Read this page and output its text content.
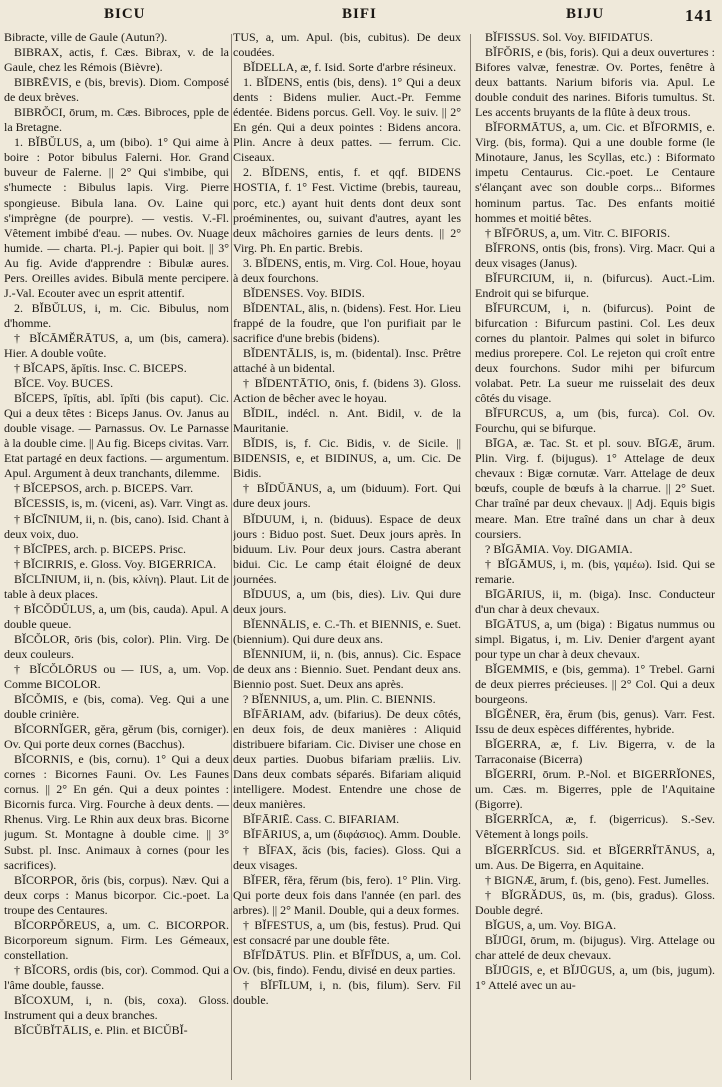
BICU	BIFI	BIJU	141

Bibracte, ville de Gaule (Autun?).

BIBRAX, actis, f. Cæs. Bibrax, v. de la Gaule, chez les Rémois (Bièvre).

BIBRĒVIS, e (bis, brevis). Diom. Composé de deux brèves.

BIBRŎCI, ōrum, m. Cæs. Bibroces, pple de la Bretagne.

1. BĬBŬLUS, a, um (bibo). 1° Qui aime à boire : Potor bibulus Falerni. Hor. Grand buveur de Falerne. || 2° Qui s'imbibe, qui s'humecte : Bibulus lapis. Virg. Pierre spongieuse. Bibula lana. Ov. Laine qui s'imprègne (de pourpre). — vestis. V.-Fl. Vêtement imbibé d'eau. — nubes. Ov. Nuage humide. — charta. Pl.-j. Papier qui boit. || 3° Au fig. Avide d'apprendre : Bibulæ aures. Pers. Oreilles avides. Bibulā mente percipere. J.-Val. Ecouter avec un esprit attentif.

2. BĬBŬLUS, i, m. Cic. Bibulus, nom d'homme.

† BĬCĀMĔRĀTUS, a, um (bis, camera). Hier. A double voûte.

† BĬCAPS, ăpĭtis. Insc. C. BICEPS.

BĬCE. Voy. BUCES.

BĬCEPS, ĭpĭtis, abl. ĭpĭti (bis caput). Cic. Qui a deux têtes : Biceps Janus. Ov. Janus au double visage. — Parnassus. Ov. Le Parnasse à la double cime. || Au fig. Biceps civitas. Varr. Etat partagé en deux factions. — argumentum. Apul. Argument à deux tranchants, dilemme.

† BĬCEPSOS, arch. p. BICEPS. Varr.

BĬCESSIS, is, m. (viceni, as). Varr. Vingt as.

† BĬCĪNIUM, ii, n. (bis, cano). Isid. Chant à deux voix, duo.

† BĬCĪPES, arch. p. BICEPS. Prisc.

† BĬCIRRIS, e. Gloss. Voy. BIGERRICA.

BĬCLĪNIUM, ii, n. (bis, κλίνη). Plaut. Lit de table à deux places.

† BĬCŎDŬLUS, a, um (bis, cauda). Apul. A double queue.

BĬCŎLOR, ōris (bis, color). Plin. Virg. De deux couleurs.

† BĬCŎLŌRUS ou — IUS, a, um. Vop. Comme BICOLOR.

BĬCŎMIS, e (bis, coma). Veg. Qui a une double crinière.

BĬCORNĬGER, gĕra, gĕrum (bis, corniger). Ov. Qui porte deux cornes (Bacchus).

BĬCORNIS, e (bis, cornu). 1° Qui a deux cornes : Bicornes Fauni. Ov. Les Faunes cornus. || 2° En gén. Qui a deux pointes : Bicornis furca. Virg. Fourche à deux dents. — Rhenus. Virg. Le Rhin aux deux bras. Bicorne jugum. St. Montagne à double cime. || 3° Subst. pl. Insc. Animaux à cornes (pour les sacrifices).

BĬCORPOR, ŏris (bis, corpus). Næv. Qui a deux corps : Manus bicorpor. Cic.-poet. La troupe des Centaures.

BĬCORPŎREUS, a, um. C. BICORPOR. Bicorporeum signum. Firm. Les Gémeaux, constellation.

† BĬCORS, ordis (bis, cor). Commod. Qui a l'âme double, fausse.

BĬCOXUM, i, n. (bis, coxa). Gloss. Instrument qui a deux branches.

BĬCŬBĬTĀLIS, e. Plin. et BICŬBĬ-

TUS, a, um. Apul. (bis, cubitus). De deux coudées.

BĬDELLA, æ, f. Isid. Sorte d'arbre résineux.

1. BĬDENS, entis (bis, dens). 1° Qui a deux dents : Bidens mulier. Auct.-Pr. Femme édentée. Bidens porcus. Gell. Voy. le suiv. || 2° En gén. Qui a deux pointes : Bidens ancora. Plin. Ancre à deux pattes. — ferrum. Cic. Ciseaux.

2. BĬDENS, entis, f. et qqf. BIDENS HOSTIA, f. 1° Fest. Victime (brebis, taureau, porc, etc.) ayant huit dents dont deux sont proéminentes, ou, suivant d'autres, ayant les deux mâchoires garnies de leurs dents. || 2° Virg. Ph. En partic. Brebis.

3. BĬDENS, entis, m. Virg. Col. Houe, hoyau à deux fourchons.

BĬDENSES. Voy. BIDIS.

BĬDENTAL, ālis, n. (bidens). Fest. Hor. Lieu frappé de la foudre, que l'on purifiait par le sacrifice d'une brebis (bidens).

BĬDENTĀLIS, is, m. (bidental). Insc. Prêtre attaché à un bidental.

† BĬDENTĀTIO, ōnis, f. (bidens 3). Gloss. Action de bêcher avec le hoyau.

BĬDIL, indécl. n. Ant. Bidil, v. de la Mauritanie.

BĬDIS, is, f. Cic. Bidis, v. de Sicile. || BIDENSIS, e, et BIDINUS, a, um. Cic. De Bidis.

† BĬDŬĀNUS, a, um (biduum). Fort. Qui dure deux jours.

BĬDUUM, i, n. (biduus). Espace de deux jours : Biduo post. Suet. Deux jours après. In biduum. Liv. Pour deux jours. Castra aberant bidui. Cic. Le camp était éloigné de deux journées.

BĬDUUS, a, um (bis, dies). Liv. Qui dure deux jours.

BĬENNĀLIS, e. C.-Th. et BIENNIS, e. Suet. (biennium). Qui dure deux ans.

BĬENNIUM, ii, n. (bis, annus). Cic. Espace de deux ans : Biennio. Suet. Pendant deux ans. Biennio post. Suet. Deux ans après.

? BĬENNIUS, a, um. Plin. C. BIENNIS.

BĬFĀRIAM, adv. (bifarius). De deux côtés, en deux fois, de deux manières : Aliquid distribuere bifariam. Cic. Diviser une chose en deux parties. Duobus bifariam præliis. Liv. Dans deux combats séparés. Bifariam aliquid intelligere. Modest. Entendre une chose de deux manières.

BĬFĀRIĒ. Cass. C. BIFARIAM.

BĬFĀRIUS, a, um (διφάσιος). Amm. Double.

† BĬFAX, ăcis (bis, facies). Gloss. Qui a deux visages.

BĬFER, fĕra, fĕrum (bis, fero). 1° Plin. Virg. Qui porte deux fois dans l'année (en parl. des arbres). || 2° Manil. Double, qui a deux formes.

† BĬFESTUS, a, um (bis, festus). Prud. Qui est consacré par une double fête.

BĬFĬDĀTUS. Plin. et BĬFĬDUS, a, um. Col. Ov. (bis, findo). Fendu, divisé en deux parties.

† BĬFĪLUM, i, n. (bis, filum). Serv. Fil double.

BĬFISSUS. Sol. Voy. BIFIDATUS.

BĬFŎRIS, e (bis, foris). Qui a deux ouvertures : Bifores valvæ, fenestræ. Ov. Portes, fenêtre à deux battants. Narium biforis via. Apul. Le double conduit des narines. Biforis tumultus. St. Les accents bruyants de la flûte à deux trous.

BĬFORMĀTUS, a, um. Cic. et BĬFORMIS, e. Virg. (bis, forma). Qui a une double forme (le Minotaure, Janus, les Scyllas, etc.) : Biformato impetu Centaurus. Cic.-poet. Le Centaure s'élançant avec son double corps... Biformes hominum partus. Tac. Des enfants moitié hommes et moitié bêtes.

† BĬFŌRUS, a, um. Vitr. C. BIFORIS.

BĬFRONS, ontis (bis, frons). Virg. Macr. Qui a deux visages (Janus).

BĬFURCIUM, ii, n. (bifurcus). Auct.-Lim. Endroit qui se bifurque.

BĬFURCUM, i, n. (bifurcus). Point de bifurcation : Bifurcum pastini. Col. Les deux cornes du plantoir. Palmes qui solet in bifurco medius prorepere. Col. Le rejeton qui croît entre deux fourchons. Sudor mihi per bifurcum volabat. Petr. La sueur me ruisselait des deux côtés du visage.

BĬFURCUS, a, um (bis, furca). Col. Ov. Fourchu, qui se bifurque.

BĪGA, æ. Tac. St. et pl. souv. BĪGÆ, ārum. Plin. Virg. f. (bijugus). 1° Attelage de deux chevaux : Bigæ cornutæ. Varr. Attelage de deux bœufs, couple de bœufs à la charrue. || 2° Suet. Char traîné par deux chevaux. || Adj. Equis bigis meare. Man. Etre traîné dans un char à deux coursiers.

? BĬGĀMIA. Voy. DIGAMIA.

† BĬGĀMUS, i, m. (bis, γαμέω). Isid. Qui se remarie.

BĪGĀRIUS, ii, m. (biga). Insc. Conducteur d'un char à deux chevaux.

BĪGĀTUS, a, um (biga) : Bigatus nummus ou simpl. Bigatus, i, m. Liv. Denier d'argent ayant pour type un char à deux chevaux.

BĬGEMMIS, e (bis, gemma). 1° Trebel. Garni de deux pierres précieuses. || 2° Col. Qui a deux bourgeons.

BĬGĔNER, ĕra, ĕrum (bis, genus). Varr. Fest. Issu de deux espèces différentes, hybride.

BĬGERRA, æ, f. Liv. Bigerra, v. de la Tarraconaise (Bicerra)

BĬGERRI, ōrum. P.-Nol. et BIGERRĬONES, um. Cæs. m. Bigerres, pple de l'Aquitaine (Bigorre).

BĬGERRĬCA, æ, f. (bigerricus). S.-Sev. Vêtement à longs poils.

BĬGERRĬCUS. Sid. et BĬGERRĬTĀNUS, a, um. Aus. De Bigerra, en Aquitaine.

† BIGNÆ, ārum, f. (bis, geno). Fest. Jumelles.

† BĬGRĂDUS, ūs, m. (bis, gradus). Gloss. Double degré.

BĬGUS, a, um. Voy. BIGA.

BĬJŪGI, ōrum, m. (bijugus). Virg. Attelage ou char attelé de deux chevaux.

BĬJŪGIS, e, et BĬJŪGUS, a, um (bis, jugum). 1° Attelé avec un au-
